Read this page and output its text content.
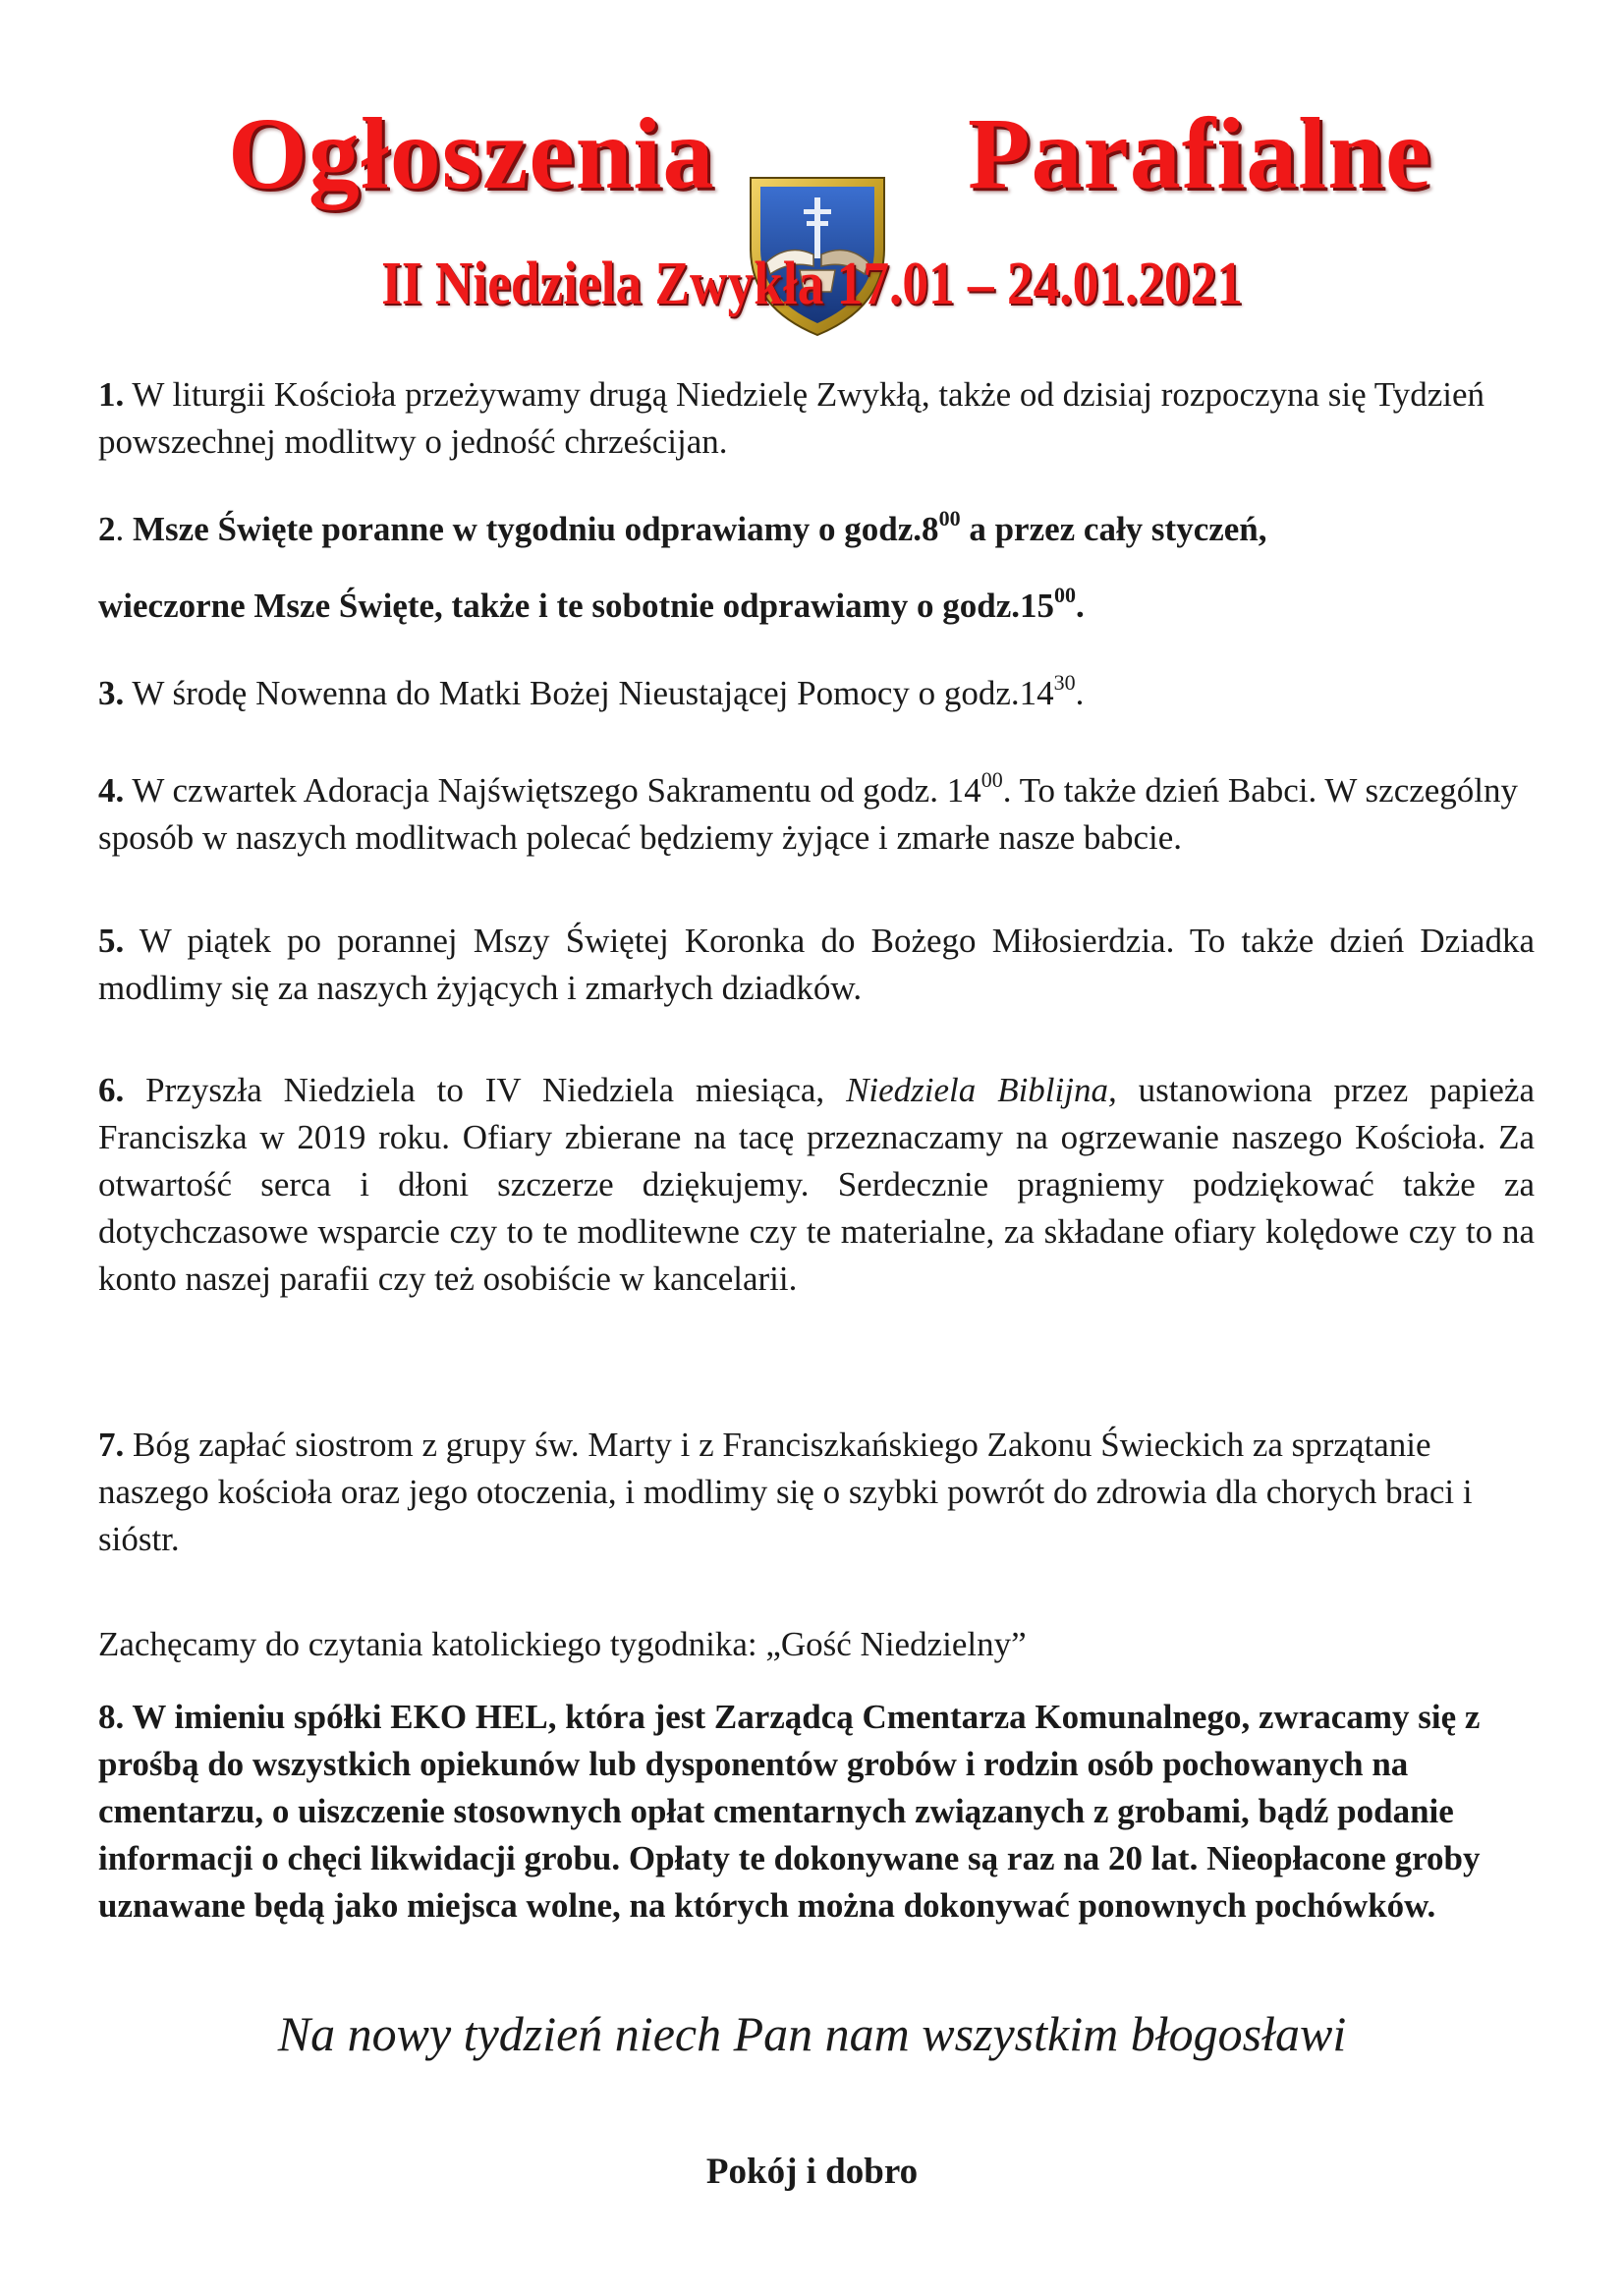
Ogłoszenia Parafialne
II Niedziela Zwykła 17.01 – 24.01.2021

1. W liturgii Kościoła przeżywamy drugą Niedzielę Zwykłą, także od dzisiaj rozpoczyna się Tydzień powszechnej modlitwy o jedność chrześcijan.

2. Msze Święte poranne w tygodniu odprawiamy o $godz.8^{00}$ a przez cały styczeń,

wieczorne Msze Święte, także i te sobotnie odprawiamy o $godz.15^{00}$.

3. W środę Nowenna do Matki Bożej Nieustającej Pomocy o $godz.14^{30}$.

4. W czwartek Adoracja Najświętszego Sakramentu od godz. $14^{00}$. To także dzień Babci. W szczególny sposób w naszych modlitwach polecać będziemy żyjące i zmarłe nasze babcie.

5. W piątek po porannej Mszy Świętej Koronka do Bożego Miłosierdzia. To także dzień Dziadka modlimy się za naszych żyjących i zmarłych dziadków.

6. Przyszła Niedziela to IV Niedziela miesiąca, Niedziela Biblijna, ustanowiona przez papieża Franciszka w 2019 roku. Ofiary zbierane na tacę przeznaczamy na ogrzewanie naszego Kościoła. Za otwartość serca i dłoni szczerze dziękujemy. Serdecznie pragniemy podziękować także za dotychczasowe wsparcie czy to te modlitewne czy te materialne, za składane ofiary kolędowe czy to na konto naszej parafii czy też osobiście w kancelarii.

7. Bóg zapłać siostrom z grupy św. Marty i z Franciszkańskiego Zakonu Świeckich za sprzątanie naszego kościoła oraz jego otoczenia, i modlimy się o szybki powrót do zdrowia dla chorych braci i sióstr.

Zachęcamy do czytania katolickiego tygodnika: „Gość Niedzielny”

8. W imieniu spółki EKO HEL, która jest Zarządcą Cmentarza Komunalnego, zwracamy się z prośbą do wszystkich opiekunów lub dysponentów grobów i rodzin osób pochowanych na cmentarzu, o uiszczenie stosownych opłat cmentarnych związanych z grobami, bądź podanie informacji o chęci likwidacji grobu. Opłaty te dokonywane są raz na 20 lat. Nieopłacone groby uznawane będą jako miejsca wolne, na których można dokonywać ponownych pochówków.

Na nowy tydzień niech Pan nam wszystkim błogosławi
Pokój i dobro
